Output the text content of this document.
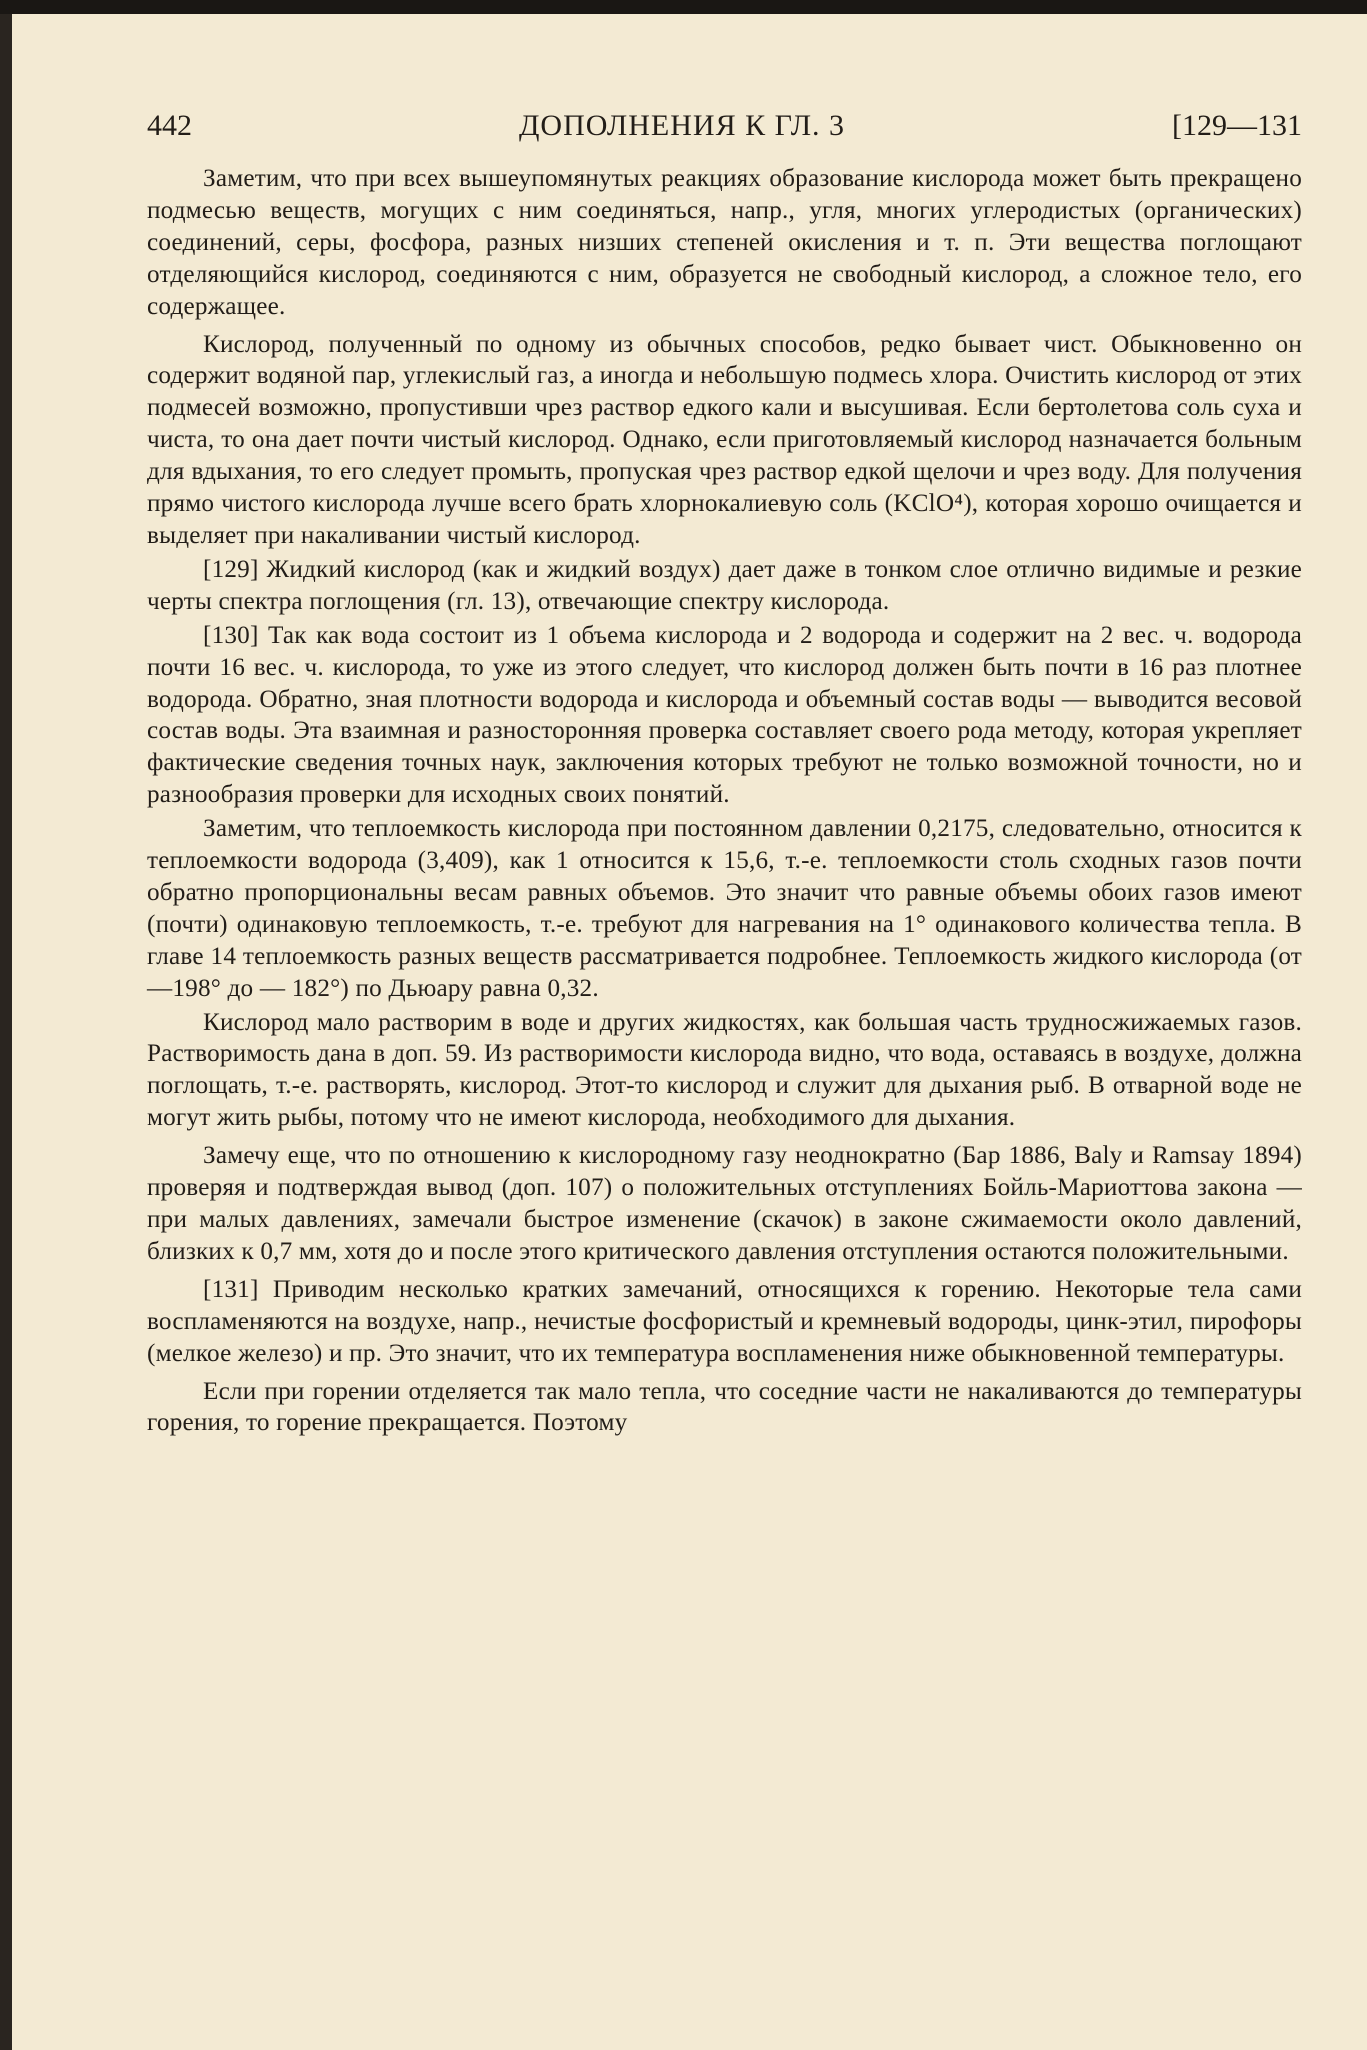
442	ДОПОЛНЕНИЯ К ГЛ. 3	[129—131

Заметим, что при всех вышеупомянутых реакциях образование кислорода может быть прекращено подмесью веществ, могущих с ним соединяться, напр., угля, многих углеродистых (органических) соединений, серы, фосфора, разных низших степеней окисления и т. п. Эти вещества поглощают отделяющийся кислород, соединяются с ним, образуется не свободный кислород, а сложное тело, его содержащее.

Кислород, полученный по одному из обычных способов, редко бывает чист. Обыкновенно он содержит водяной пар, углекислый газ, а иногда и небольшую подмесь хлора. Очистить кислород от этих подмесей возможно, пропустивши чрез раствор едкого кали и высушивая. Если бертолетова соль суха и чиста, то она дает почти чистый кислород. Однако, если приготовляемый кислород назначается больным для вдыхания, то его следует промыть, пропуская чрез раствор едкой щелочи и чрез воду. Для получения прямо чистого кислорода лучше всего брать хлорнокалиевую соль (KClO⁴), которая хорошо очищается и выделяет при накаливании чистый кислород.

[129] Жидкий кислород (как и жидкий воздух) дает даже в тонком слое отлично видимые и резкие черты спектра поглощения (гл. 13), отвечающие спектру кислорода.

[130] Так как вода состоит из 1 объема кислорода и 2 водорода и содержит на 2 вес. ч. водорода почти 16 вес. ч. кислорода, то уже из этого следует, что кислород должен быть почти в 16 раз плотнее водорода. Обратно, зная плотности водорода и кислорода и объемный состав воды — выводится весовой состав воды. Эта взаимная и разносторонняя проверка составляет своего рода методу, которая укрепляет фактические сведения точных наук, заключения которых требуют не только возможной точности, но и разнообразия проверки для исходных своих понятий.

Заметим, что теплоемкость кислорода при постоянном давлении 0,2175, следовательно, относится к теплоемкости водорода (3,409), как 1 относится к 15,6, т.-е. теплоемкости столь сходных газов почти обратно пропорциональны весам равных объемов. Это значит что равные объемы обоих газов имеют (почти) одинаковую теплоемкость, т.-е. требуют для нагревания на 1° одинакового количества тепла. В главе 14 теплоемкость разных веществ рассматривается подробнее. Теплоемкость жидкого кислорода (от —198° до — 182°) по Дьюару равна 0,32.

Кислород мало растворим в воде и других жидкостях, как большая часть трудносжижаемых газов. Растворимость дана в доп. 59. Из растворимости кислорода видно, что вода, оставаясь в воздухе, должна поглощать, т.-е. растворять, кислород. Этот-то кислород и служит для дыхания рыб. В отварной воде не могут жить рыбы, потому что не имеют кислорода, необходимого для дыхания.

Замечу еще, что по отношению к кислородному газу неоднократно (Бар 1886, Baly и Ramsay 1894) проверяя и подтверждая вывод (доп. 107) о положительных отступлениях Бойль-Мариоттова закона — при малых давлениях, замечали быстрое изменение (скачок) в законе сжимаемости около давлений, близких к 0,7 мм, хотя до и после этого критического давления отступления остаются положительными.

[131] Приводим несколько кратких замечаний, относящихся к горению. Некоторые тела сами воспламеняются на воздухе, напр., нечистые фосфористый и кремневый водороды, цинк-этил, пирофоры (мелкое железо) и пр. Это значит, что их температура воспламенения ниже обыкновенной температуры.

Если при горении отделяется так мало тепла, что соседние части не накаливаются до температуры горения, то горение прекращается. Поэтому
